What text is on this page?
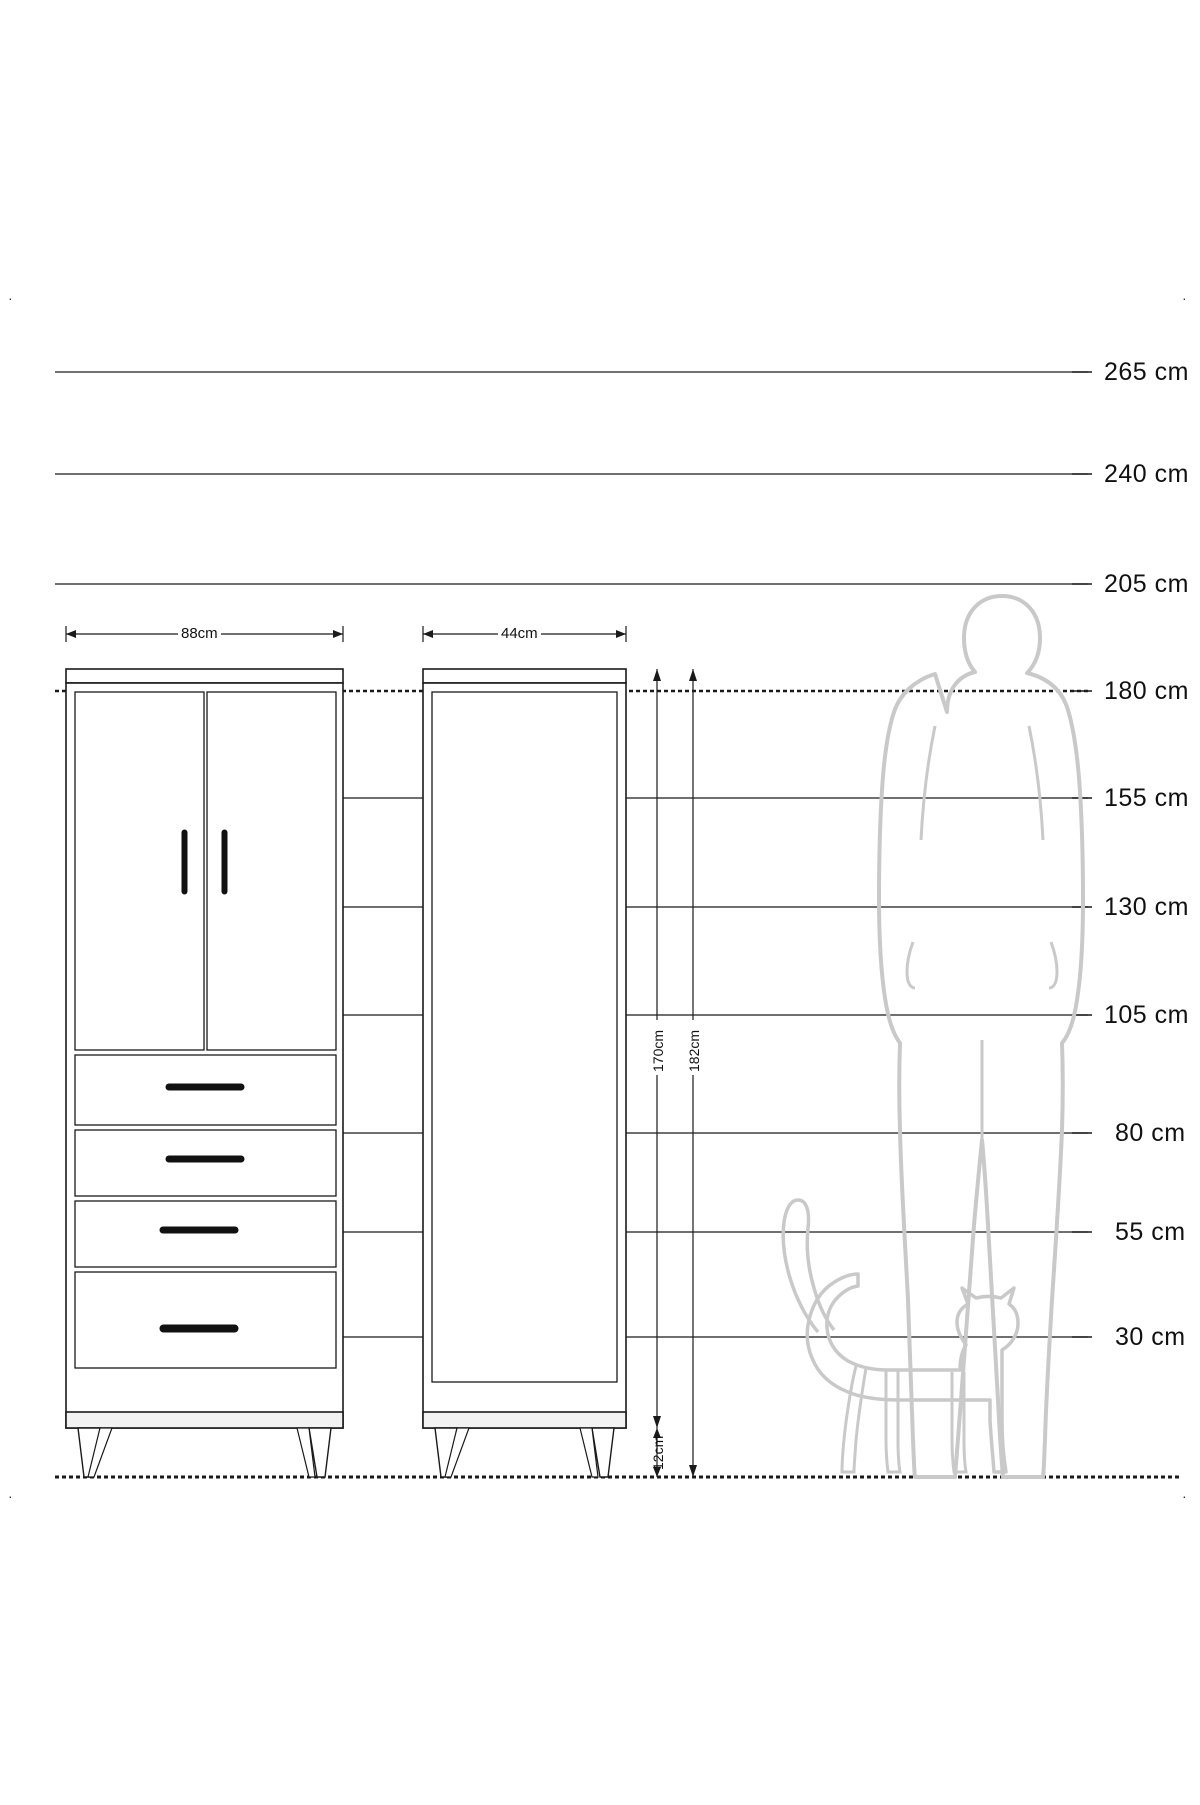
265 cm
240 cm
205 cm
180 cm
155 cm
130 cm
105 cm
80 cm
55 cm
30 cm
88cm	44cm
170cm 182cm
12cm
·	·
·	·
